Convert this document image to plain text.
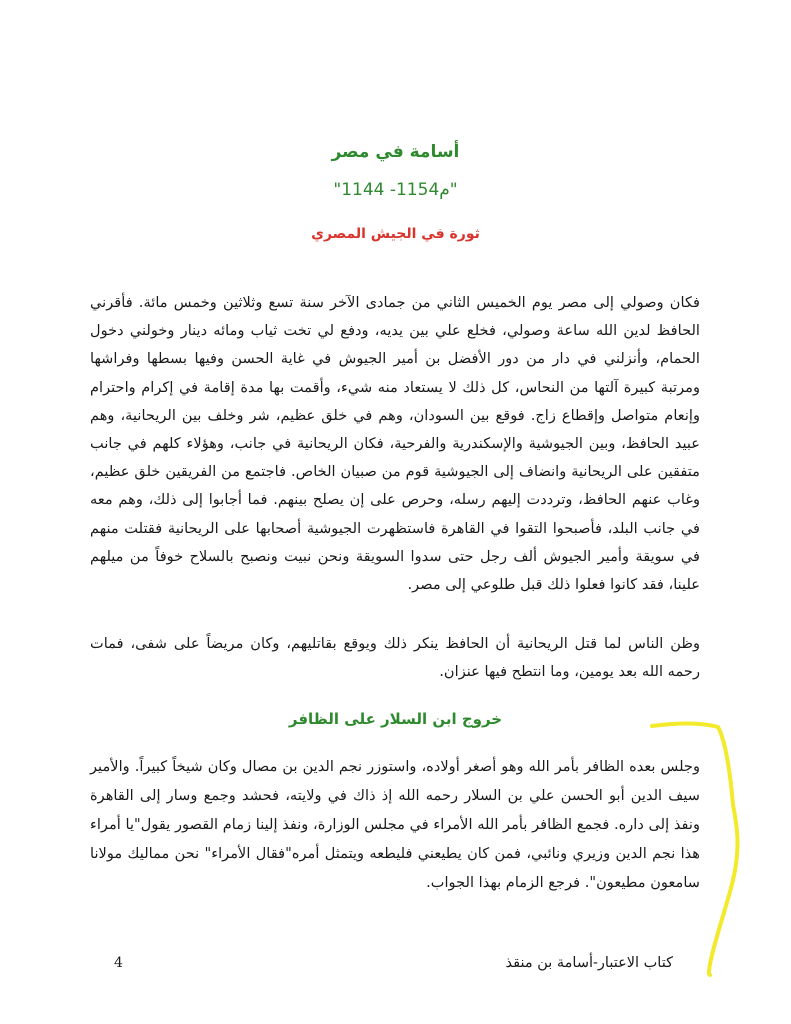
أسامة في مصر
"1144 -1154م"
ثورة في الجيش المصري

فكان وصولي إلى مصر يوم الخميس الثاني من جمادى الآخر سنة تسع وثلاثين وخمس مائة. فأقرني الحافظ لدين الله ساعة وصولي، فخلع علي بين يديه، ودفع لي تخت ثياب ومائه دينار وخولني دخول الحمام، وأنزلني في دار من دور الأفضل بن أمير الجيوش في غاية الحسن وفيها بسطها وفراشها ومرتبة كبيرة آلتها من النحاس، كل ذلك لا يستعاد منه شيء، وأقمت بها مدة إقامة في إكرام واحترام وإنعام متواصل وإقطاع زاج. فوقع بين السودان، وهم في خلق عظيم، شر وخلف بين الريحانية، وهم عبيد الحافظ، وبين الجيوشية والإسكندرية والفرحية، فكان الريحانية في جانب، وهؤلاء كلهم في جانب متفقين على الريحانية وانضاف إلى الجيوشية قوم من صبيان الخاص. فاجتمع من الفريقين خلق عظيم، وغاب عنهم الحافظ، وترددت إليهم رسله، وحرص على إن يصلح بينهم. فما أجابوا إلى ذلك، وهم معه في جانب البلد، فأصبحوا التقوا في القاهرة فاستظهرت الجيوشية أصحابها على الريحانية فقتلت منهم في سويقة وأمير الجيوش ألف رجل حتى سدوا السويقة ونحن نبيت ونصبح بالسلاح خوفاً من ميلهم علينا، فقد كانوا فعلوا ذلك قبل طلوعي إلى مصر.

وظن الناس لما قتل الريحانية أن الحافظ ينكر ذلك ويوقع بقاتليهم، وكان مريضاً على شفى، فمات رحمه الله بعد يومين، وما انتطح فيها عنزان.

خروج ابن السلار على الظافر

وجلس بعده الظافر بأمر الله وهو أصغر أولاده، واستوزر نجم الدين بن مصال وكان شيخاً كبيراً. والأمير سيف الدين أبو الحسن علي بن السلار رحمه الله إذ ذاك في ولايته، فحشد وجمع وسار إلى القاهرة ونفذ إلى داره. فجمع الظافر بأمر الله الأمراء في مجلس الوزارة، ونفذ إلينا زمام القصور يقول"يا أمراء هذا نجم الدين وزيري ونائبي، فمن كان يطيعني فليطعه ويتمثل أمره"فقال الأمراء" نحن مماليك مولانا سامعون مطيعون". فرجع الزمام بهذا الجواب.

كتاب الاعتبار-أسامة بن منقذ
4
